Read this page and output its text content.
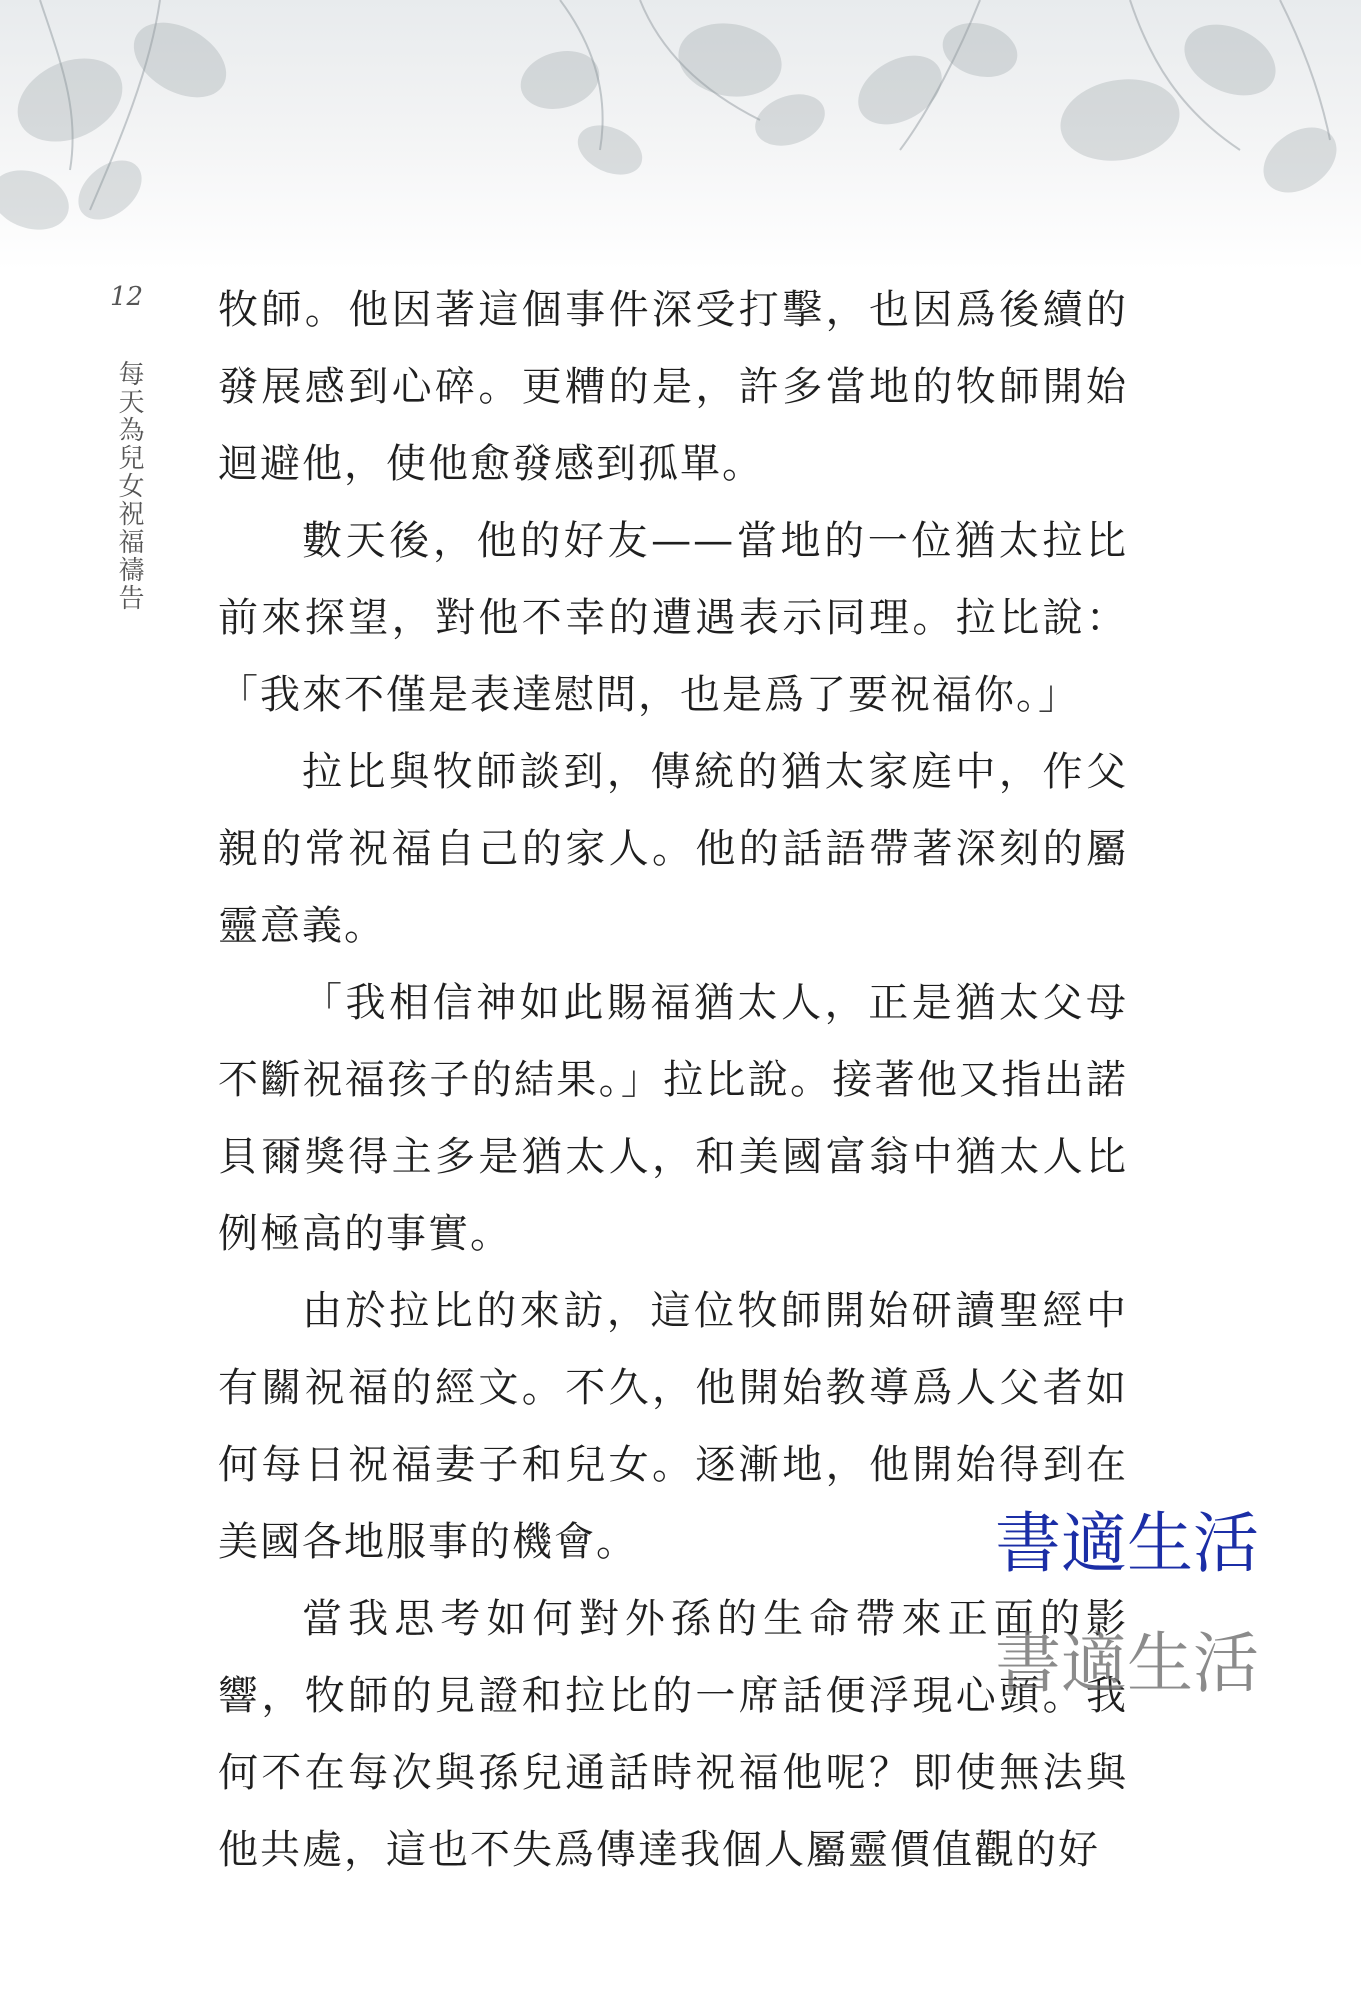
12
每天為兒女祝福禱告

牧師。他因著這個事件深受打擊，也因爲後續的發展感到心碎。更糟的是，許多當地的牧師開始迴避他，使他愈發感到孤單。

數天後，他的好友——當地的一位猶太拉比前來探望，對他不幸的遭遇表示同理。拉比說：「我來不僅是表達慰問，也是爲了要祝福你。」

拉比與牧師談到，傳統的猶太家庭中，作父親的常祝福自己的家人。他的話語帶著深刻的屬靈意義。

「我相信神如此賜福猶太人，正是猶太父母不斷祝福孩子的結果。」拉比說。接著他又指出諾貝爾獎得主多是猶太人，和美國富翁中猶太人比例極高的事實。

由於拉比的來訪，這位牧師開始研讀聖經中有關祝福的經文。不久，他開始教導爲人父者如何每日祝福妻子和兒女。逐漸地，他開始得到在美國各地服事的機會。

當我思考如何對外孫的生命帶來正面的影響，牧師的見證和拉比的一席話便浮現心頭。我何不在每次與孫兒通話時祝福他呢？即使無法與他共處，這也不失爲傳達我個人屬靈價值觀的好

書適生活
書適生活
